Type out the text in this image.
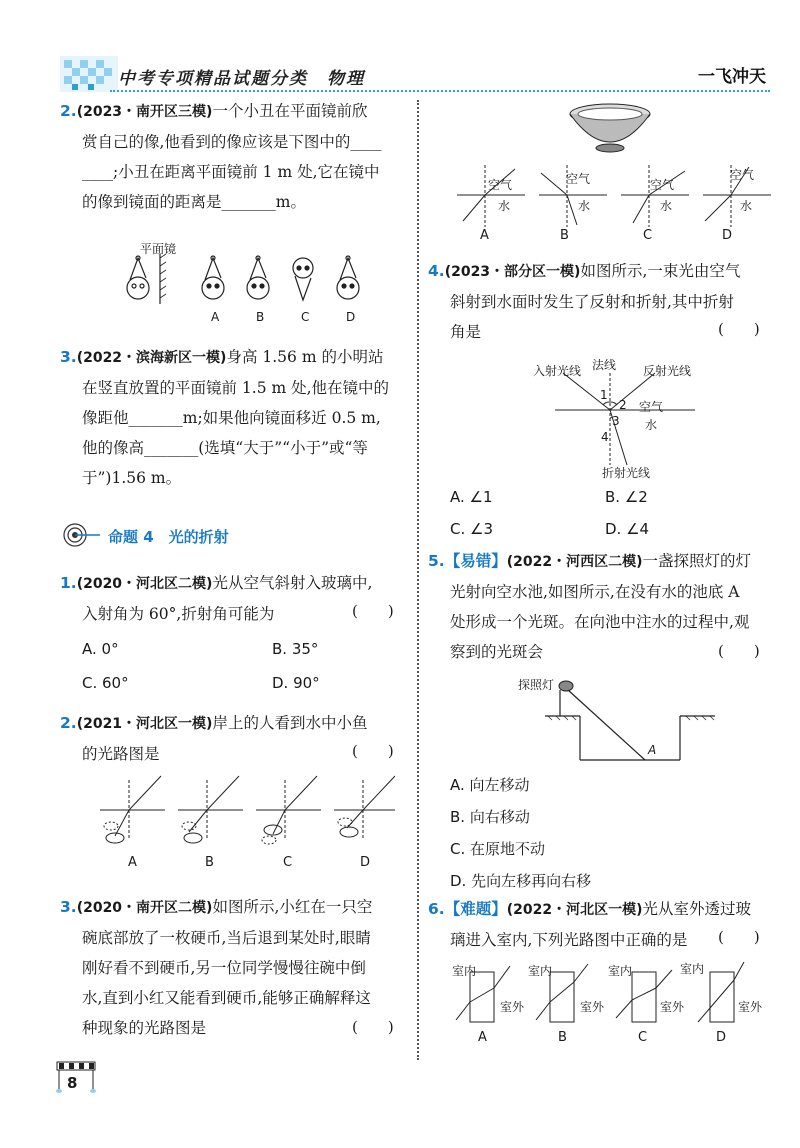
中考专项精品试题分类　物理	一飞冲天
2.(2023・南开区三模)一个小丑在平面镜前欣
赏自己的像,他看到的像应该是下图中的____
____;小丑在距离平面镜前 1 m 处,它在镜中
的像到镜面的距离是_______m。
平面镜
A	B	C	D
3.(2022・滨海新区一模)身高 1.56 m 的小明站
在竖直放置的平面镜前 1.5 m 处,他在镜中的
像距他_______m;如果他向镜面移近 0.5 m,
他的像高_______(选填“大于”“小于”或“等
于”)1.56 m。
命题 4　光的折射
1.(2020・河北区二模)光从空气斜射入玻璃中,
入射角为 60°,折射角可能为	(　　)
A. 0°	B. 35°
C. 60°	D. 90°
2.(2021・河北区一模)岸上的人看到水中小鱼
的光路图是	(　　)
A	B	C	D
3.(2020・南开区二模)如图所示,小红在一只空
碗底部放了一枚硬币,当后退到某处时,眼睛
刚好看不到硬币,另一位同学慢慢往碗中倒
水,直到小红又能看到硬币,能够正确解释这
种现象的光路图是	(　　)
8
空气
水
空气
水
空气
水
空气
水
A	B	C	D
4.(2023・部分区一模)如图所示,一束光由空气
斜射到水面时发生了反射和折射,其中折射
角是	(　　)
入射光线 法线 反射光线
空气
水
1
2
3
4
折射光线
A. ∠1	B. ∠2
C. ∠3	D. ∠4
5.【易错】(2022・河西区二模)一盏探照灯的灯
光射向空水池,如图所示,在没有水的池底 A
处形成一个光斑。在向池中注水的过程中,观
察到的光斑会	(　　)
探照灯
A
A. 向左移动
B. 向右移动
C. 在原地不动
D. 先向左移再向右移
6.【难题】(2022・河北区一模)光从室外透过玻
璃进入室内,下列光路图中正确的是	(　　)
室内
室外
室内
室外
室内
室外
室内
室外
A	B	C	D
